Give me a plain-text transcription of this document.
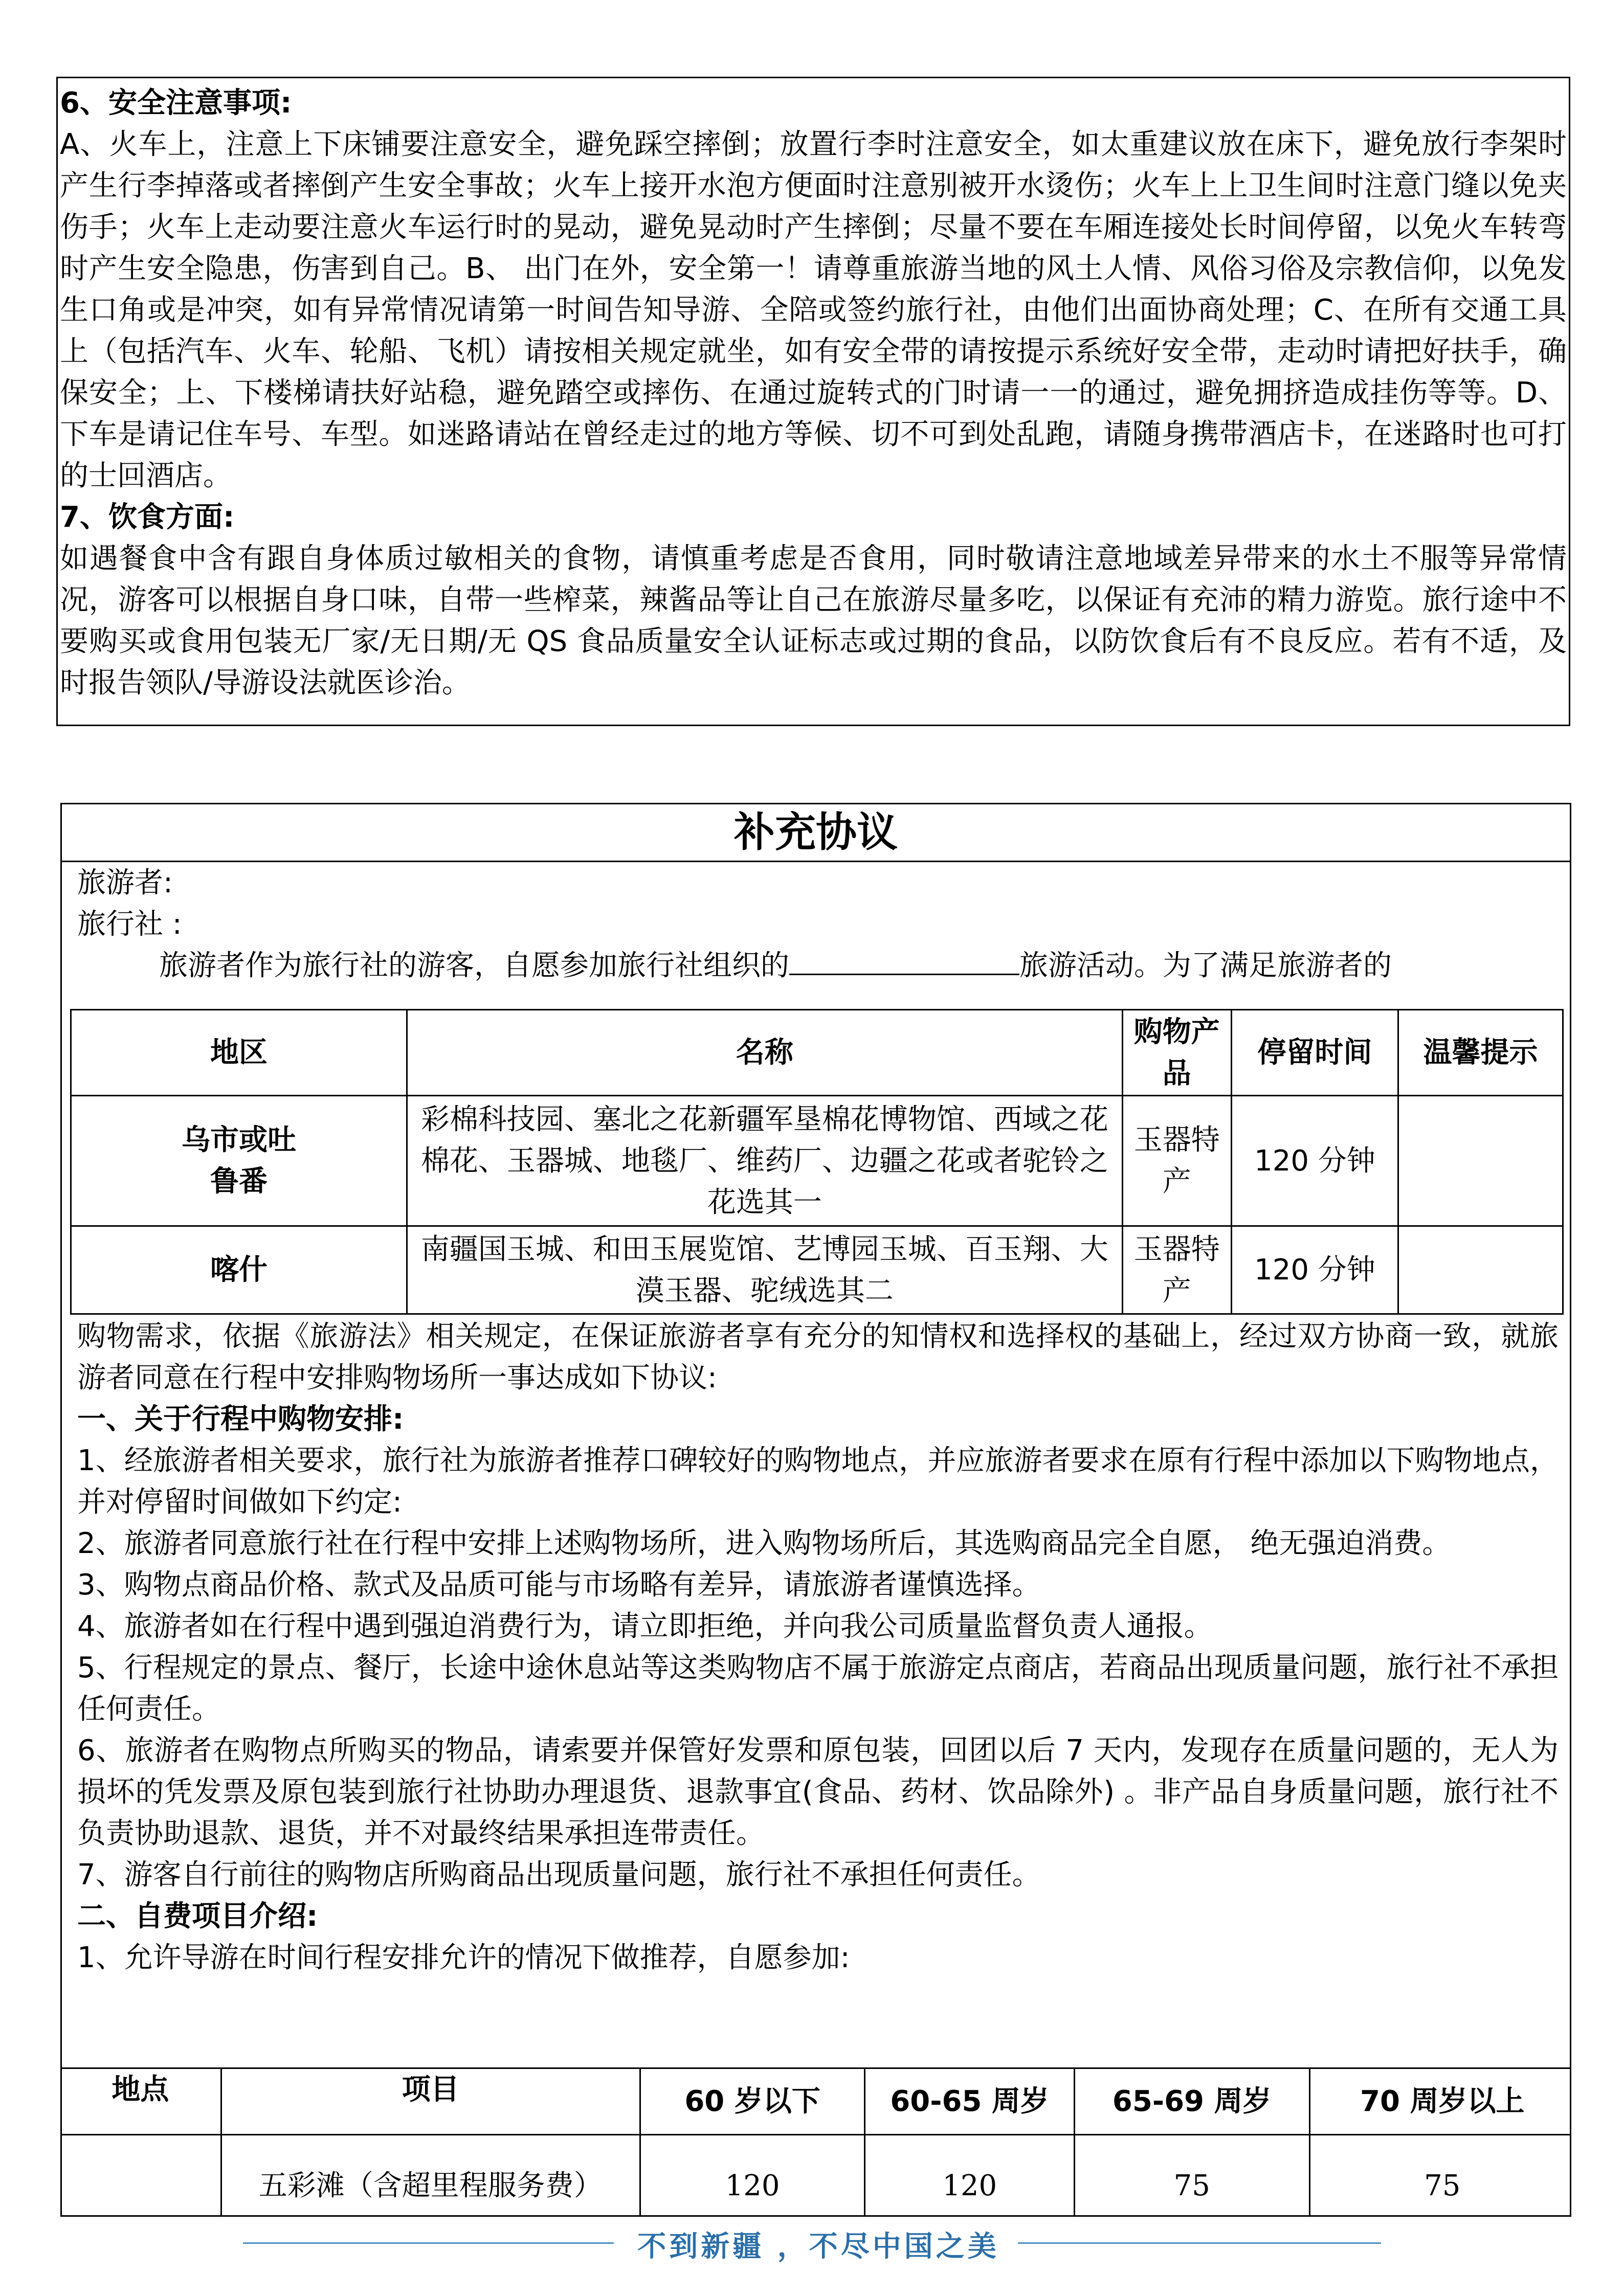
6、安全注意事项:

A、火车上，注意上下床铺要注意安全，避免踩空摔倒；放置行李时注意安全，如太重建议放在床下，避免放行李架时产生行李掉落或者摔倒产生安全事故；火车上接开水泡方便面时注意别被开水烫伤；火车上上卫生间时注意门缝以免夹伤手；火车上走动要注意火车运行时的晃动，避免晃动时产生摔倒；尽量不要在车厢连接处长时间停留，以免火车转弯时产生安全隐患，伤害到自己。B、 出门在外，安全第一！请尊重旅游当地的风土人情、风俗习俗及宗教信仰，以免发生口角或是冲突，如有异常情况请第一时间告知导游、全陪或签约旅行社，由他们出面协商处理；C、在所有交通工具上（包括汽车、火车、轮船、飞机）请按相关规定就坐，如有安全带的请按提示系统好安全带，走动时请把好扶手，确保安全；上、下楼梯请扶好站稳，避免踏空或摔伤、在通过旋转式的门时请一一的通过，避免拥挤造成挂伤等等。D、下车是请记住车号、车型。如迷路请站在曾经走过的地方等候、切不可到处乱跑，请随身携带酒店卡，在迷路时也可打的士回酒店。

7、饮食方面:

如遇餐食中含有跟自身体质过敏相关的食物，请慎重考虑是否食用，同时敬请注意地域差异带来的水土不服等异常情况，游客可以根据自身口味，自带一些榨菜，辣酱品等让自己在旅游尽量多吃，以保证有充沛的精力游览。旅行途中不要购买或食用包装无厂家/无日期/无 QS 食品质量安全认证标志或过期的食品，以防饮食后有不良反应。若有不适，及时报告领队/导游设法就医诊治。

补充协议

旅游者:

旅行社 :

旅游者作为旅行社的游客，自愿参加旅行社组织的	旅游活动。为了满足旅游者的

地区	名称	购物产品	停留时间	温馨提示
乌市或吐鲁番	彩棉科技园、塞北之花新疆军垦棉花博物馆、西域之花棉花、玉器城、地毯厂、维药厂、边疆之花或者驼铃之花选其一	玉器特产	120 分钟	
喀什	南疆国玉城、和田玉展览馆、艺博园玉城、百玉翔、大漠玉器、驼绒选其二	玉器特产	120 分钟	

购物需求，依据《旅游法》相关规定，在保证旅游者享有充分的知情权和选择权的基础上，经过双方协商一致，就旅游者同意在行程中安排购物场所一事达成如下协议:

一、关于行程中购物安排:

1、经旅游者相关要求，旅行社为旅游者推荐口碑较好的购物地点，并应旅游者要求在原有行程中添加以下购物地点，并对停留时间做如下约定:

2、旅游者同意旅行社在行程中安排上述购物场所，进入购物场所后，其选购商品完全自愿， 绝无强迫消费。

3、购物点商品价格、款式及品质可能与市场略有差异，请旅游者谨慎选择。

4、旅游者如在行程中遇到强迫消费行为，请立即拒绝，并向我公司质量监督负责人通报。

5、行程规定的景点、餐厅，长途中途休息站等这类购物店不属于旅游定点商店，若商品出现质量问题，旅行社不承担任何责任。

6、旅游者在购物点所购买的物品，请索要并保管好发票和原包装，回团以后 7 天内，发现存在质量问题的，无人为损坏的凭发票及原包装到旅行社协助办理退货、退款事宜(食品、药材、饮品除外) 。非产品自身质量问题，旅行社不负责协助退款、退货，并不对最终结果承担连带责任。

7、游客自行前往的购物店所购商品出现质量问题，旅行社不承担任何责任。

二、自费项目介绍:

1、允许导游在时间行程安排允许的情况下做推荐，自愿参加:

地点	项目	60 岁以下	60-65 周岁	65-69 周岁	70 周岁以上
	五彩滩（含超里程服务费）	120	120	75	75
不到新疆 ，不尽中国之美
